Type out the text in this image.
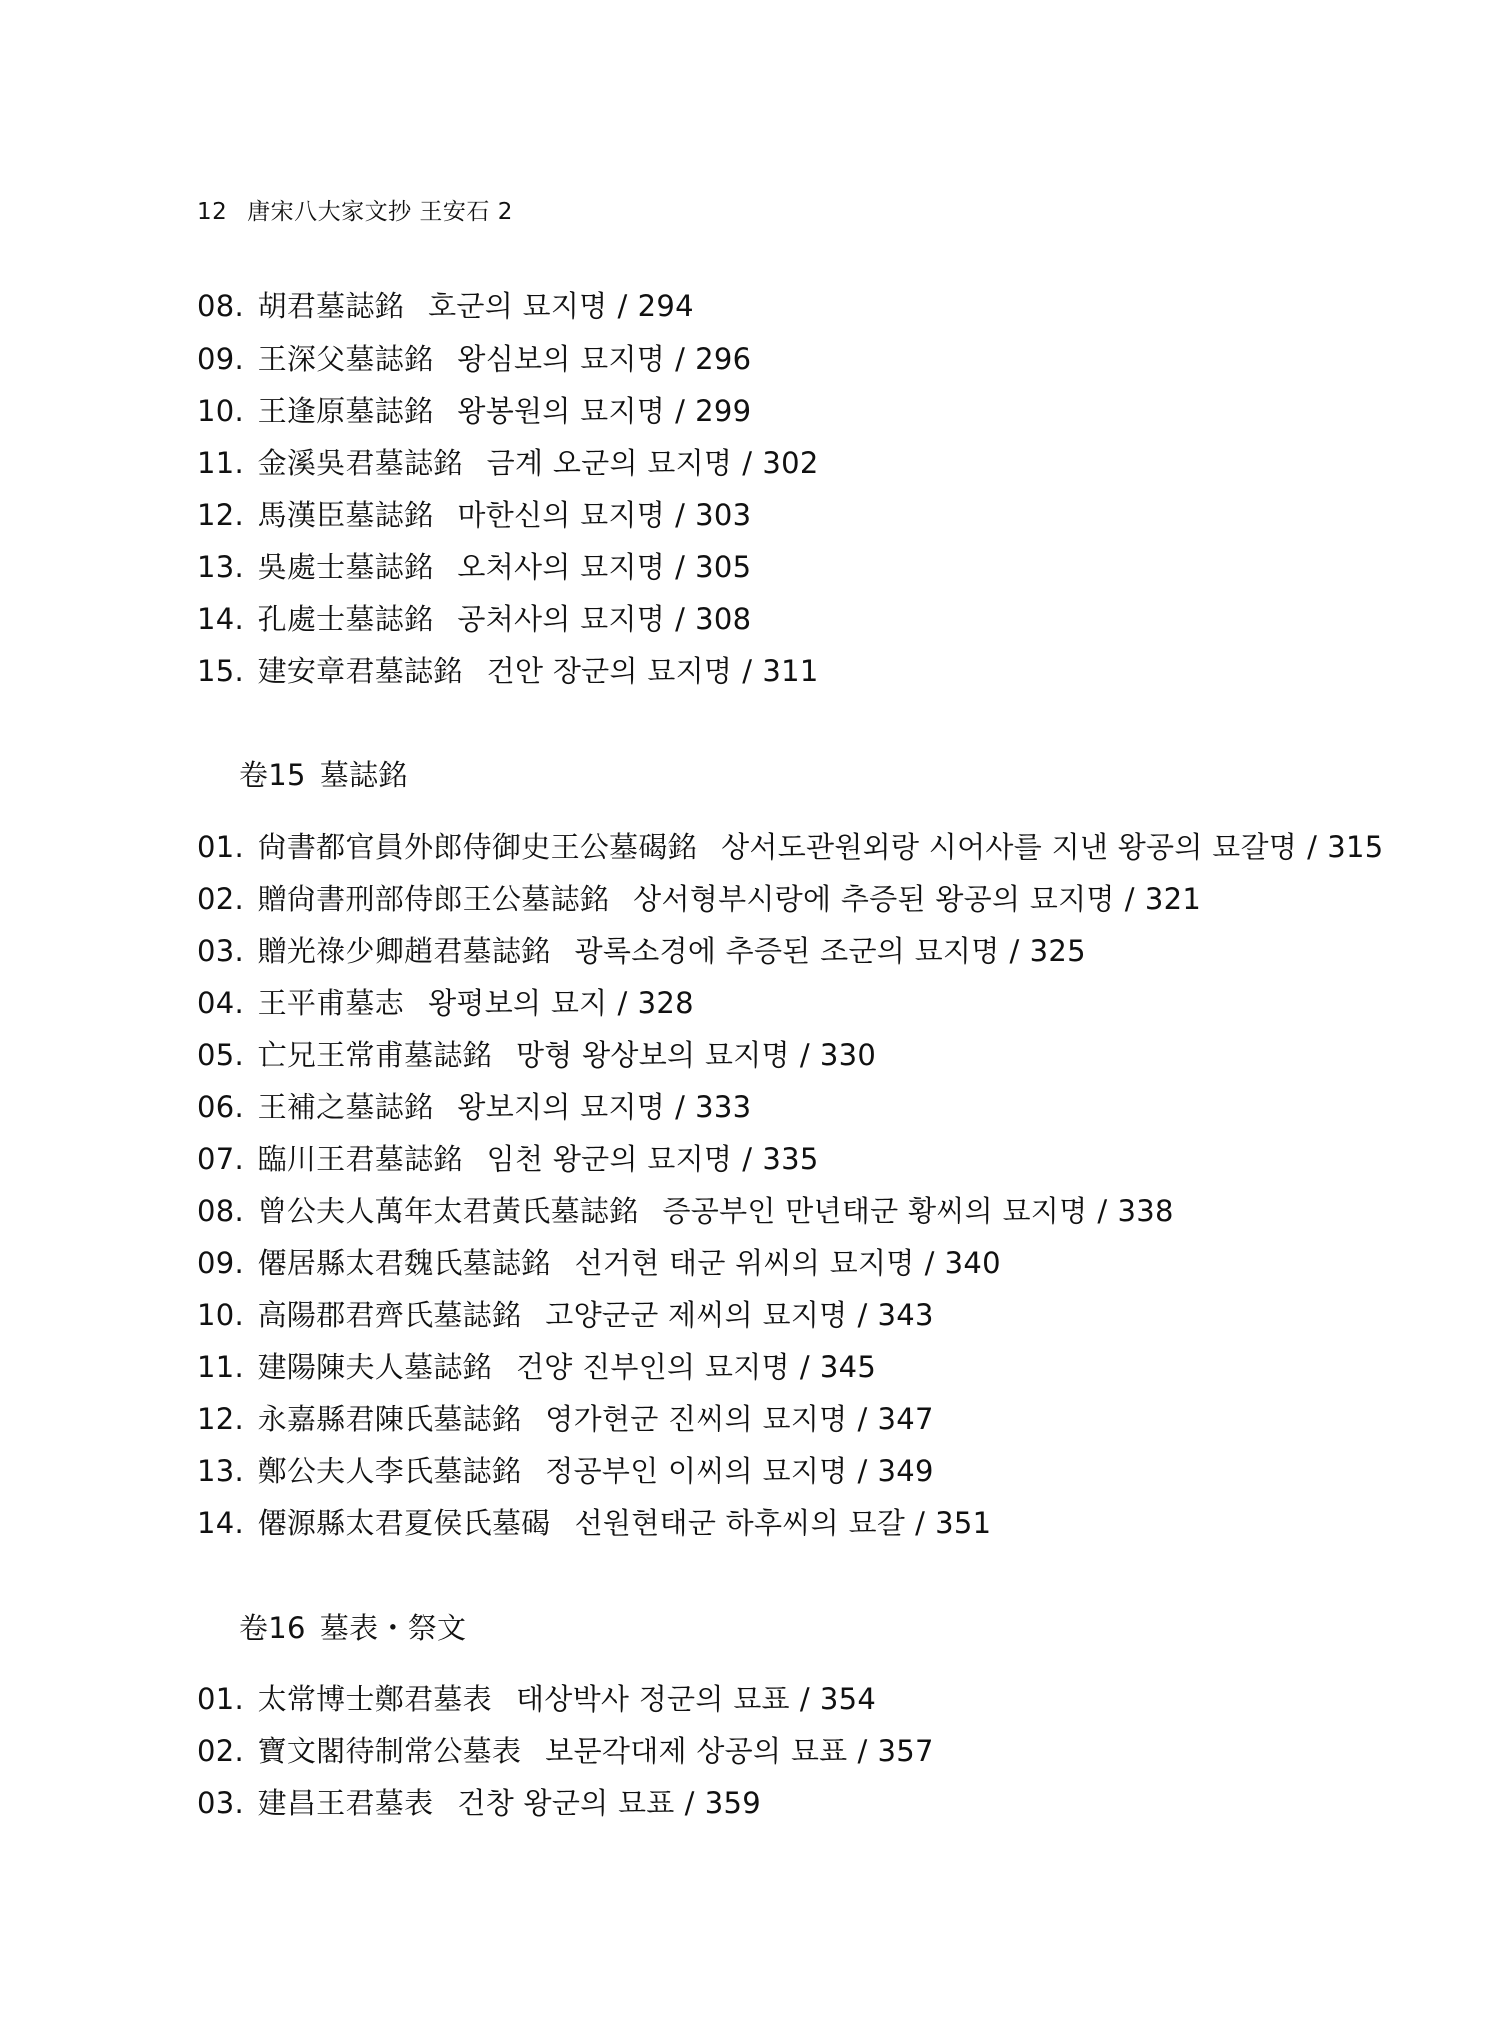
12 唐宋八大家文抄 王安石 2
08. 胡君墓誌銘 호군의 묘지명 / 294
09. 王深父墓誌銘 왕심보의 묘지명 / 296
10. 王逢原墓誌銘 왕봉원의 묘지명 / 299
11. 金溪吳君墓誌銘 금계 오군의 묘지명 / 302
12. 馬漢臣墓誌銘 마한신의 묘지명 / 303
13. 吳處士墓誌銘 오처사의 묘지명 / 305
14. 孔處士墓誌銘 공처사의 묘지명 / 308
15. 建安章君墓誌銘 건안 장군의 묘지명 / 311
卷15 墓誌銘
01. 尙書都官員外郎侍御史王公墓碣銘 상서도관원외랑 시어사를 지낸 왕공의 묘갈명 / 315
02. 贈尙書刑部侍郎王公墓誌銘 상서형부시랑에 추증된 왕공의 묘지명 / 321
03. 贈光祿少卿趙君墓誌銘 광록소경에 추증된 조군의 묘지명 / 325
04. 王平甫墓志 왕평보의 묘지 / 328
05. 亡兄王常甫墓誌銘 망형 왕상보의 묘지명 / 330
06. 王補之墓誌銘 왕보지의 묘지명 / 333
07. 臨川王君墓誌銘 임천 왕군의 묘지명 / 335
08. 曾公夫人萬年太君黃氏墓誌銘 증공부인 만년태군 황씨의 묘지명 / 338
09. 僊居縣太君魏氏墓誌銘 선거현 태군 위씨의 묘지명 / 340
10. 高陽郡君齊氏墓誌銘 고양군군 제씨의 묘지명 / 343
11. 建陽陳夫人墓誌銘 건양 진부인의 묘지명 / 345
12. 永嘉縣君陳氏墓誌銘 영가현군 진씨의 묘지명 / 347
13. 鄭公夫人李氏墓誌銘 정공부인 이씨의 묘지명 / 349
14. 僊源縣太君夏侯氏墓碣 선원현태군 하후씨의 묘갈 / 351
卷16 墓表・祭文
01. 太常博士鄭君墓表 태상박사 정군의 묘표 / 354
02. 寶文閣待制常公墓表 보문각대제 상공의 묘표 / 357
03. 建昌王君墓表 건창 왕군의 묘표 / 359
